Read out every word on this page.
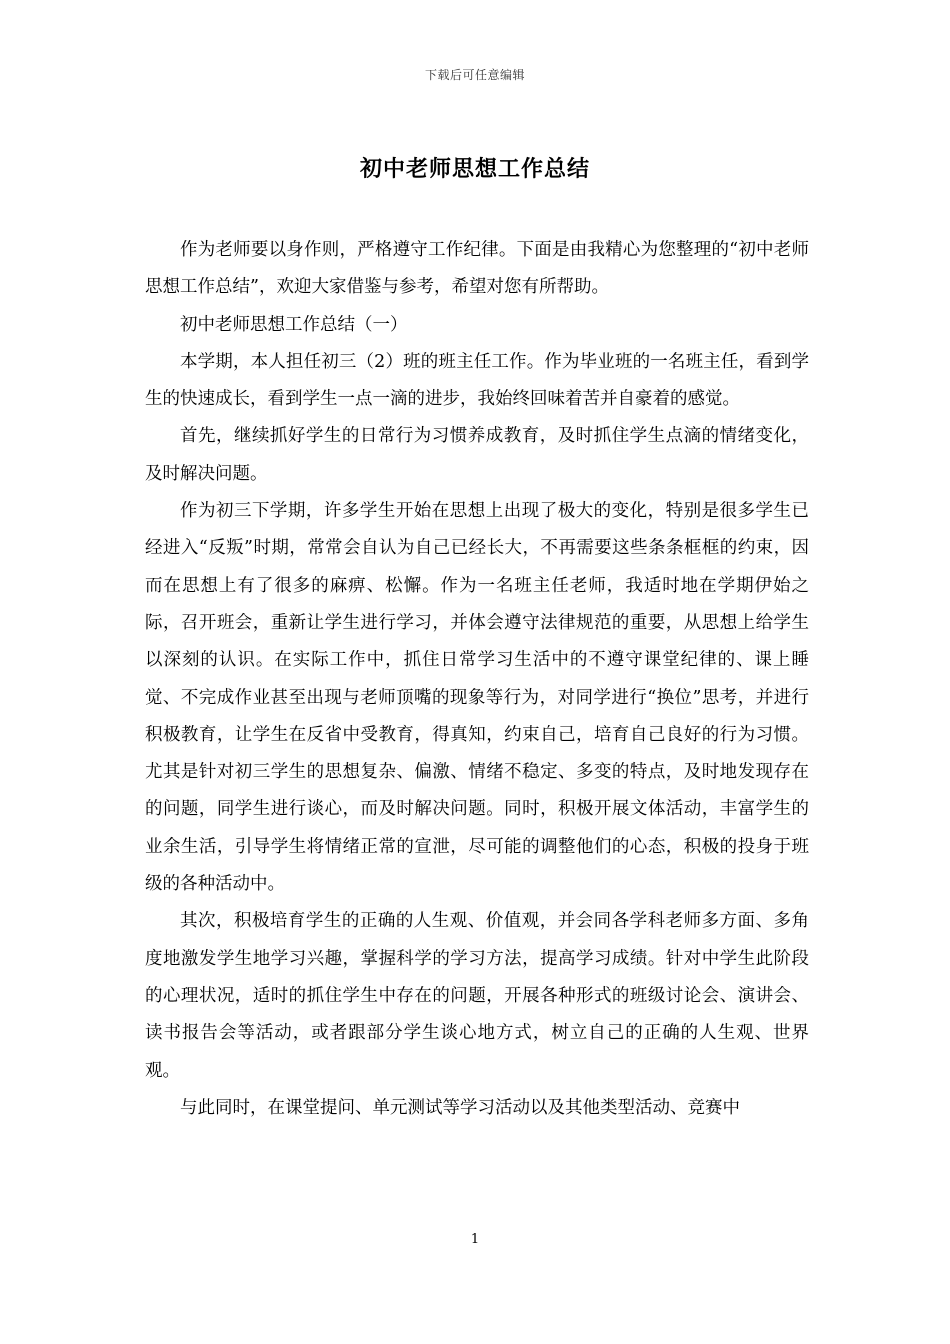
下载后可任意编辑
初中老师思想工作总结

作为老师要以身作则，严格遵守工作纪律。下面是由我精心为您整理的“初中老师思想工作总结”，欢迎大家借鉴与参考，希望对您有所帮助。

初中老师思想工作总结（一）

本学期，本人担任初三（2）班的班主任工作。作为毕业班的一名班主任，看到学生的快速成长，看到学生一点一滴的进步，我始终回味着苦并自豪着的感觉。

首先，继续抓好学生的日常行为习惯养成教育，及时抓住学生点滴的情绪变化，及时解决问题。

作为初三下学期，许多学生开始在思想上出现了极大的变化，特别是很多学生已经进入“反叛”时期，常常会自认为自己已经长大，不再需要这些条条框框的约束，因而在思想上有了很多的麻痹、松懈。作为一名班主任老师，我适时地在学期伊始之际，召开班会，重新让学生进行学习，并体会遵守法律规范的重要，从思想上给学生以深刻的认识。在实际工作中，抓住日常学习生活中的不遵守课堂纪律的、课上睡觉、不完成作业甚至出现与老师顶嘴的现象等行为，对同学进行“换位”思考，并进行积极教育，让学生在反省中受教育，得真知，约束自己，培育自己良好的行为习惯。尤其是针对初三学生的思想复杂、偏激、情绪不稳定、多变的特点，及时地发现存在的问题，同学生进行谈心，而及时解决问题。同时，积极开展文体活动，丰富学生的业余生活，引导学生将情绪正常的宣泄，尽可能的调整他们的心态，积极的投身于班级的各种活动中。

其次，积极培育学生的正确的人生观、价值观，并会同各学科老师多方面、多角度地激发学生地学习兴趣，掌握科学的学习方法，提高学习成绩。针对中学生此阶段的心理状况，适时的抓住学生中存在的问题，开展各种形式的班级讨论会、演讲会、读书报告会等活动，或者跟部分学生谈心地方式，树立自己的正确的人生观、世界观。

与此同时，在课堂提问、单元测试等学习活动以及其他类型活动、竞赛中

1
